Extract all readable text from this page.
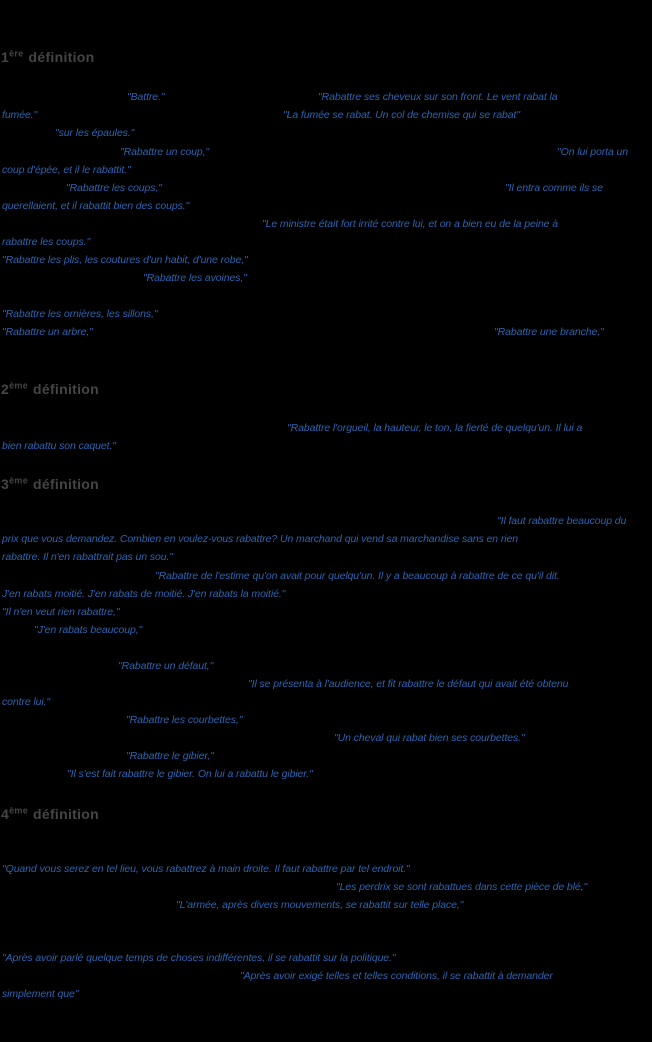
1ère définition
"Battre."	"Rabattre ses cheveux sur son front. Le vent rabat la
fumée."	"La fumée se rabat. Un col de chemise qui se rabat"
"sur les épaules."
"Rabattre un coup,"	"On lui porta un
coup d'épée, et il le rabattit."
"Rabattre les coups,"	"Il entra comme ils se
querellaient, et il rabattit bien des coups."
"Le ministre était fort irrité contre lui, et on a bien eu de la peine à
rabattre les coups."
"Rabattre les plis, les coutures d'un habit, d'une robe,"
"Rabattre les avoines,"
"Rabattre les ornières, les sillons,"
"Rabattre un arbre,"	"Rabattre une branche,"
2ème définition
"Rabattre l'orgueil, la hauteur, le ton, la fierté de quelqu'un. Il lui a
bien rabattu son caquet."
3ème définition
"Il faut rabattre beaucoup du
prix que vous demandez. Combien en voulez-vous rabattre? Un marchand qui vend sa marchandise sans en rien
rabattre. Il n'en rabattrait pas un sou."
"Rabattre de l'estime qu'on avait pour quelqu'un. Il y a beaucoup à rabattre de ce qu'il dit.
J'en rabats moitié. J'en rabats de moitié. J'en rabats la moitié."
"Il n'en veut rien rabattre,"
"J'en rabats beaucoup,"
"Rabattre un défaut,"
"Il se présenta à l'audience, et fit rabattre le défaut qui avait été obtenu
contre lui."
"Rabattre les courbettes,"
"Un cheval qui rabat bien ses courbettes."
"Rabattre le gibier,"
"Il s'est fait rabattre le gibier. On lui a rabattu le gibier."
4ème définition
"Quand vous serez en tel lieu, vous rabattrez à main droite. Il faut rabattre par tel endroit."
"Les perdrix se sont rabattues dans cette pièce de blé,"
"L'armée, après divers mouvements, se rabattit sur telle place,"
"Après avoir parlé quelque temps de choses indifférentes, il se rabattit sur la politique."
"Après avoir exigé telles et telles conditions, il se rabattit à demander
simplement que"
